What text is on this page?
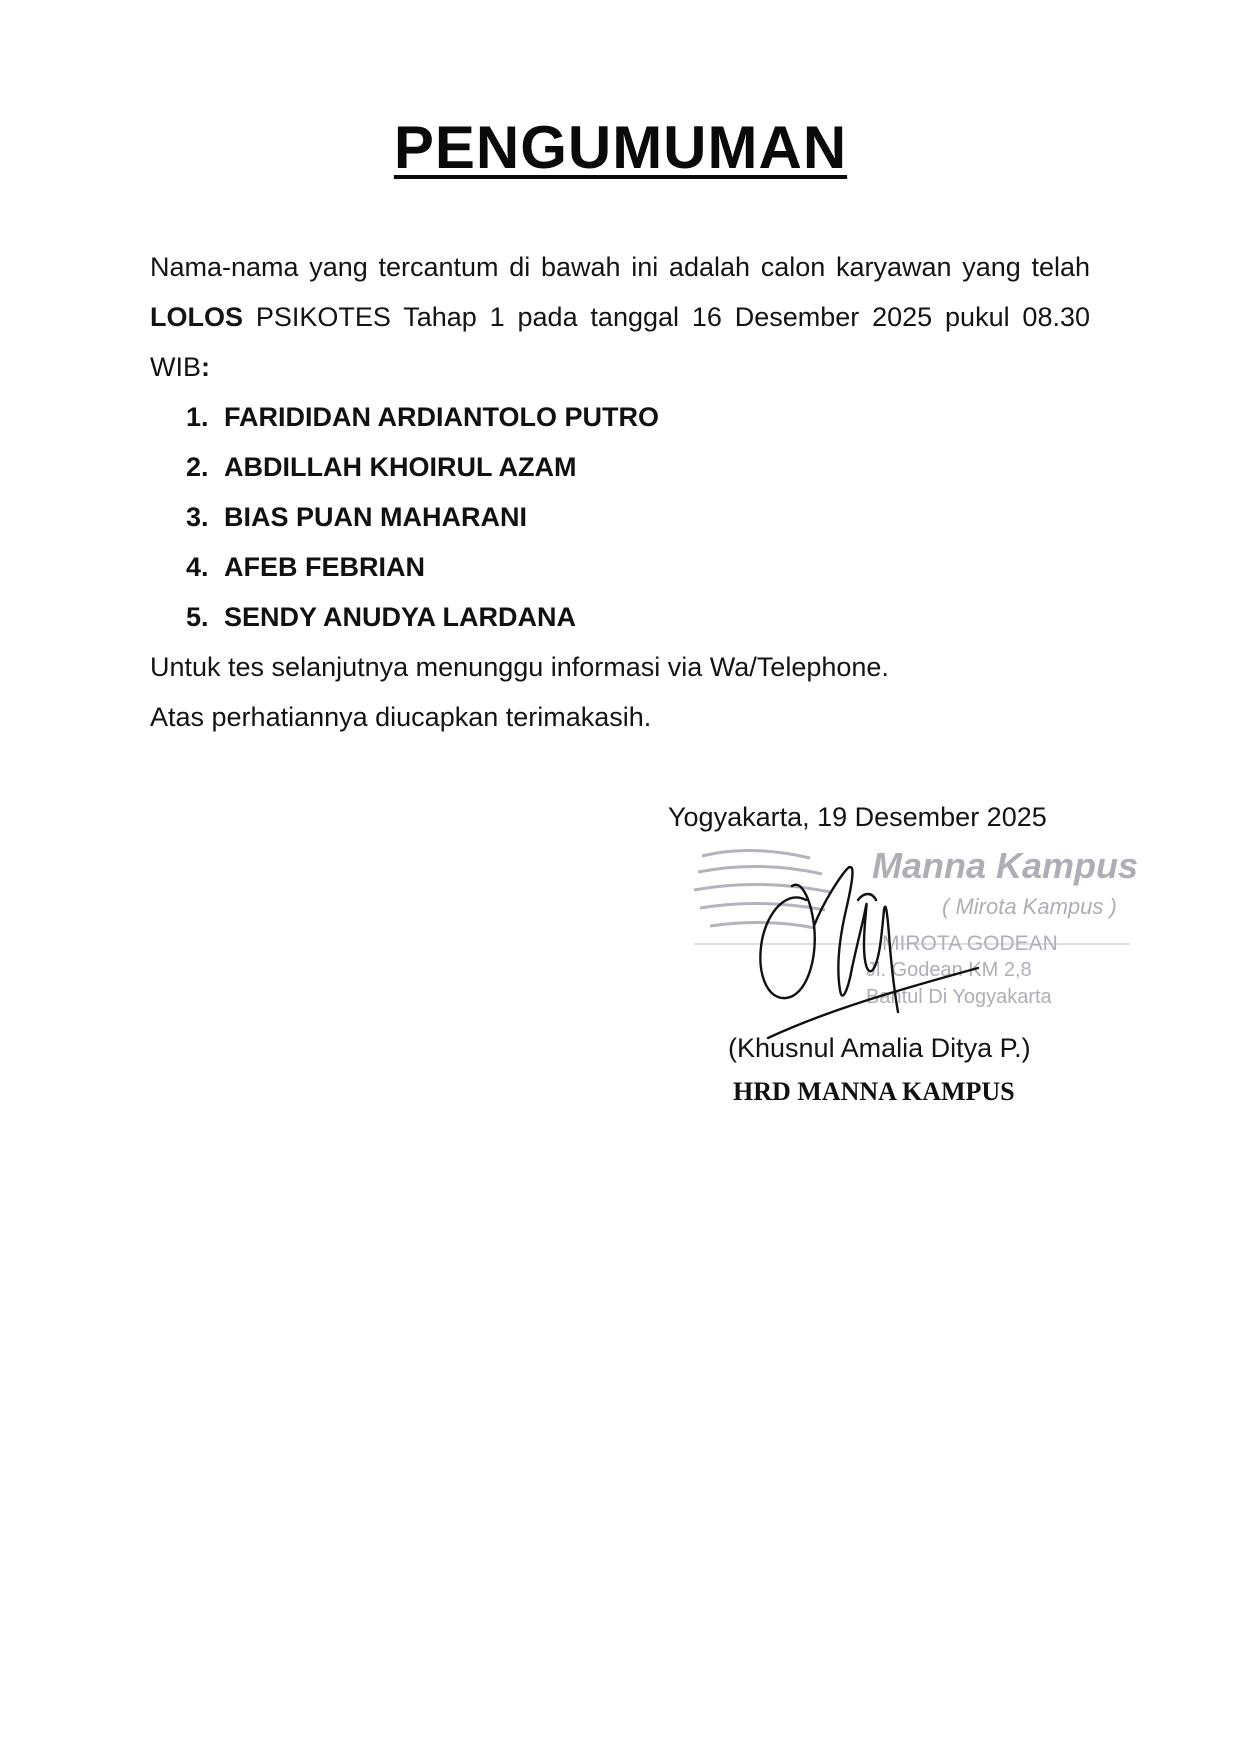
PENGUMUMAN
Nama-nama yang tercantum di bawah ini adalah calon karyawan yang telah LOLOS PSIKOTES Tahap 1 pada tanggal 16 Desember 2025 pukul 08.30 WIB:
1. FARIDIDAN ARDIANTOLO PUTRO
2. ABDILLAH KHOIRUL AZAM
3. BIAS PUAN MAHARANI
4. AFEB FEBRIAN
5. SENDY ANUDYA LARDANA
Untuk tes selanjutnya menunggu informasi via Wa/Telephone.
Atas perhatiannya diucapkan terimakasih.
Yogyakarta, 19 Desember 2025
Manna Kampus
( Mirota Kampus )
MIROTA GODEAN
Jl. Godean KM 2,8
Bantul Di Yogyakarta
(Khusnul Amalia Ditya P.)
HRD MANNA KAMPUS
